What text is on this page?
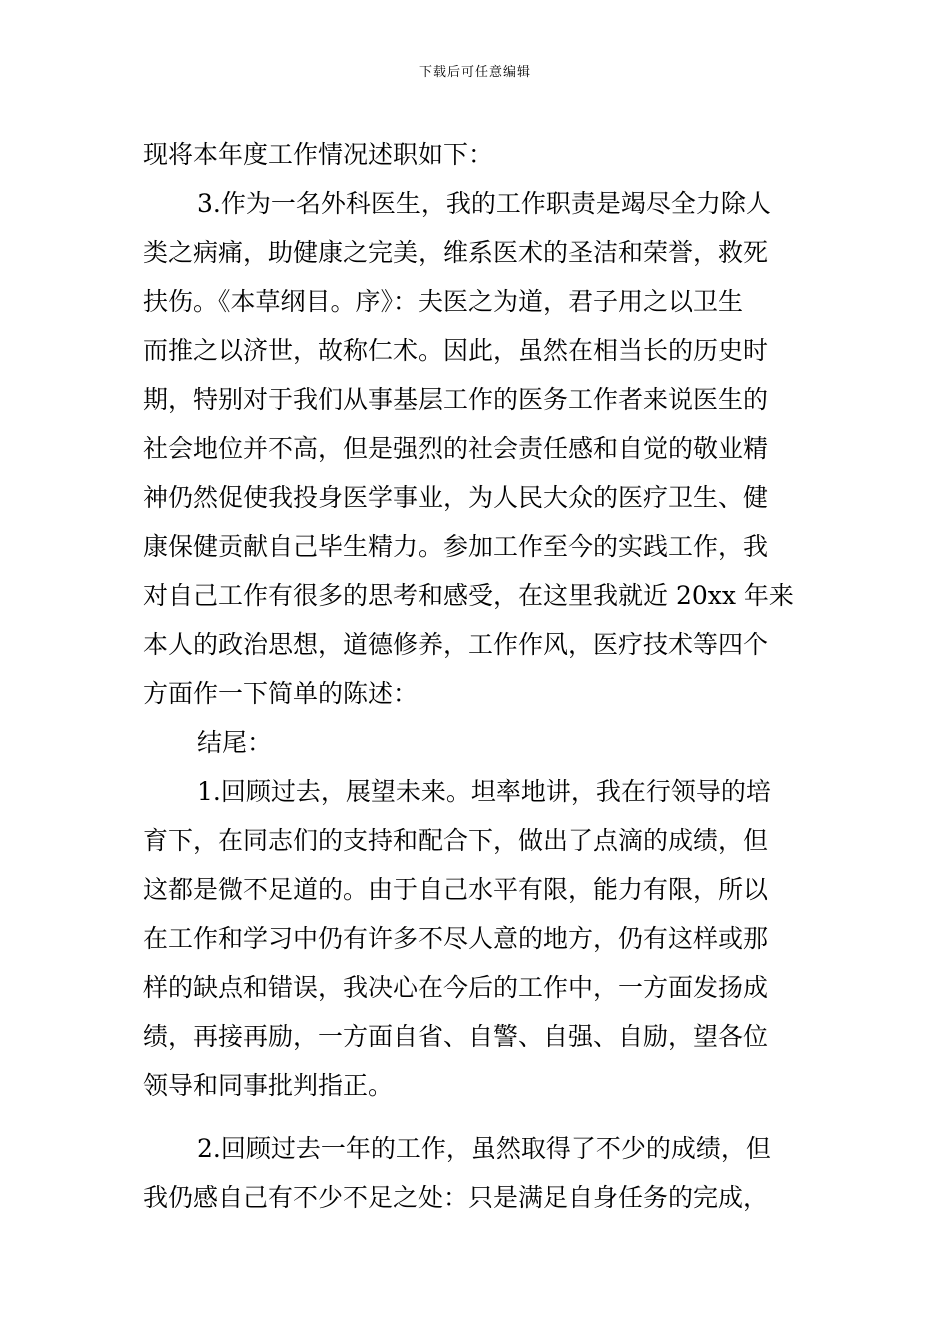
下载后可任意编辑
现将本年度工作情况述职如下：
3.作为一名外科医生，我的工作职责是竭尽全力除人
类之病痛，助健康之完美，维系医术的圣洁和荣誉，救死
扶伤。《本草纲目。序》：夫医之为道，君子用之以卫生
而推之以济世，故称仁术。因此，虽然在相当长的历史时
期，特别对于我们从事基层工作的医务工作者来说医生的
社会地位并不高，但是强烈的社会责任感和自觉的敬业精
神仍然促使我投身医学事业，为人民大众的医疗卫生、健
康保健贡献自己毕生精力。参加工作至今的实践工作，我
对自己工作有很多的思考和感受，在这里我就近 20xx 年来
本人的政治思想，道德修养，工作作风，医疗技术等四个
方面作一下简单的陈述：
结尾：
1.回顾过去，展望未来。坦率地讲，我在行领导的培
育下，在同志们的支持和配合下，做出了点滴的成绩，但
这都是微不足道的。由于自己水平有限，能力有限，所以
在工作和学习中仍有许多不尽人意的地方，仍有这样或那
样的缺点和错误，我决心在今后的工作中，一方面发扬成
绩，再接再励，一方面自省、自警、自强、自励，望各位
领导和同事批判指正。
2.回顾过去一年的工作，虽然取得了不少的成绩，但
我仍感自己有不少不足之处：只是满足自身任务的完成，
